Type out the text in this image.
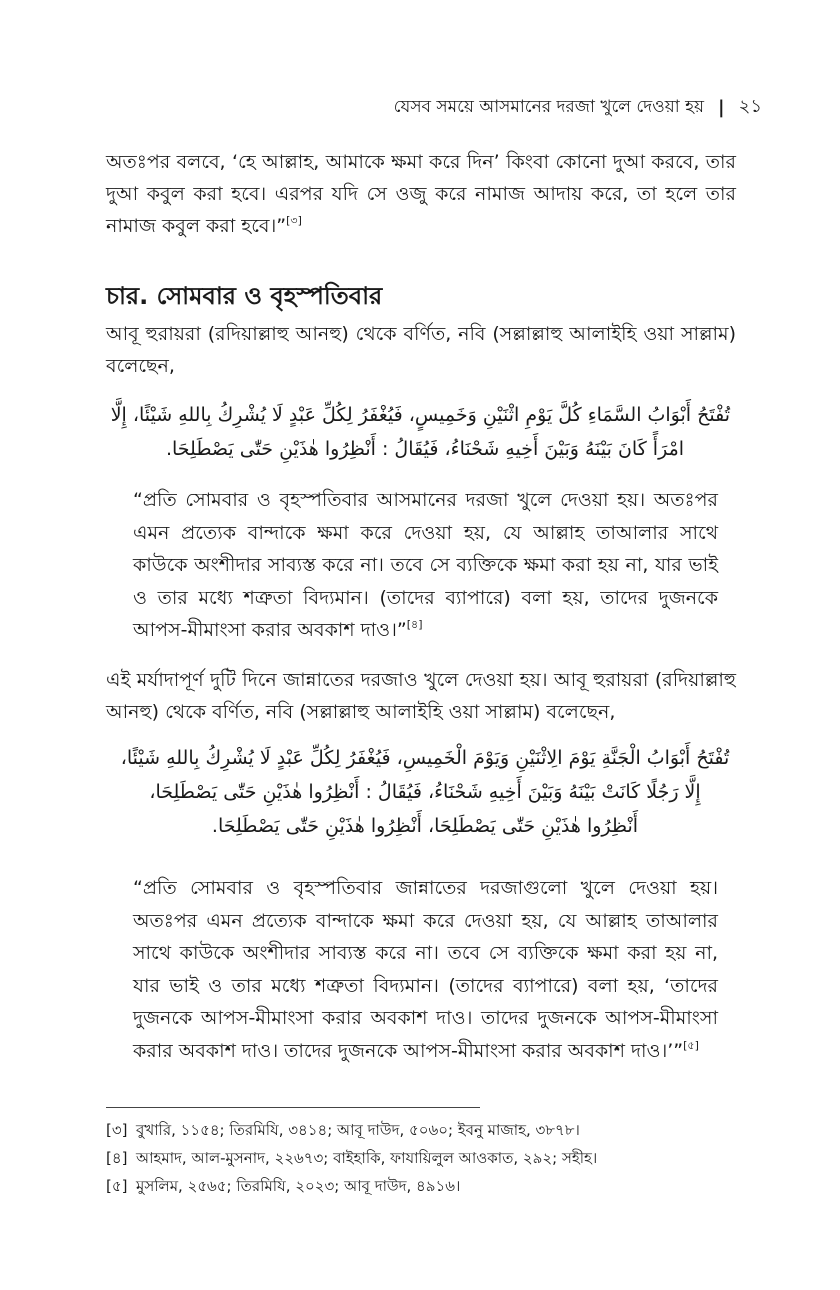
যেসব সময়ে আসমানের দরজা খুলে দেওয়া হয় | ২১

অতঃপর বলবে, ‘হে আল্লাহ, আমাকে ক্ষমা করে দিন’ কিংবা কোনো দুআ করবে, তার দুআ কবুল করা হবে। এরপর যদি সে ওজু করে নামাজ আদায় করে, তা হলে তার নামাজ কবুল করা হবে।”[৩]

চার. সোমবার ও বৃহস্পতিবার

আবূ হুরায়রা (রদিয়াল্লাহু আনহু) থেকে বর্ণিত, নবি (সল্লাল্লাহু আলাইহি ওয়া সাল্লাম) বলেছেন,

تُفْتَحُ أَبْوَابُ السَّمَاءِ كُلَّ يَوْمِ اثْنَيْنِ وَخَمِيسٍ، فَيُغْفَرُ لِكُلِّ عَبْدٍ لَا يُشْرِكُ بِاللهِ شَيْئًا، إِلَّا
امْرَأً كَانَ بَيْنَهُ وَبَيْنَ أَخِيهِ شَحْنَاءُ، فَيُقَالُ : أَنْظِرُوا هٰذَيْنِ حَتّٰى يَصْطَلِحَا.

“প্রতি সোমবার ও বৃহস্পতিবার আসমানের দরজা খুলে দেওয়া হয়। অতঃপর এমন প্রত্যেক বান্দাকে ক্ষমা করে দেওয়া হয়, যে আল্লাহ তাআলার সাথে কাউকে অংশীদার সাব্যস্ত করে না। তবে সে ব্যক্তিকে ক্ষমা করা হয় না, যার ভাই ও তার মধ্যে শত্রুতা বিদ্যমান। (তাদের ব্যাপারে) বলা হয়, তাদের দুজনকে আপস-মীমাংসা করার অবকাশ দাও।”[৪]

এই মর্যাদাপূর্ণ দুটি দিনে জান্নাতের দরজাও খুলে দেওয়া হয়। আবূ হুরায়রা (রদিয়াল্লাহু আনহু) থেকে বর্ণিত, নবি (সল্লাল্লাহু আলাইহি ওয়া সাল্লাম) বলেছেন,

تُفْتَحُ أَبْوَابُ الْجَنَّةِ يَوْمَ الِاثْنَيْنِ وَيَوْمَ الْخَمِيسِ، فَيُغْفَرُ لِكُلِّ عَبْدٍ لَا يُشْرِكُ بِاللهِ شَيْئًا،
إِلَّا رَجُلًا كَانَتْ بَيْنَهُ وَبَيْنَ أَخِيهِ شَحْنَاءُ، فَيُقَالُ : أَنْظِرُوا هٰذَيْنِ حَتّٰى يَصْطَلِحَا،
أَنْظِرُوا هٰذَيْنِ حَتّٰى يَصْطَلِحَا، أَنْظِرُوا هٰذَيْنِ حَتّٰى يَصْطَلِحَا.

“প্রতি সোমবার ও বৃহস্পতিবার জান্নাতের দরজাগুলো খুলে দেওয়া হয়। অতঃপর এমন প্রত্যেক বান্দাকে ক্ষমা করে দেওয়া হয়, যে আল্লাহ তাআলার সাথে কাউকে অংশীদার সাব্যস্ত করে না। তবে সে ব্যক্তিকে ক্ষমা করা হয় না, যার ভাই ও তার মধ্যে শত্রুতা বিদ্যমান। (তাদের ব্যাপারে) বলা হয়, ‘তাদের দুজনকে আপস-মীমাংসা করার অবকাশ দাও। তাদের দুজনকে আপস-মীমাংসা করার অবকাশ দাও। তাদের দুজনকে আপস-মীমাংসা করার অবকাশ দাও।’”[৫]

[৩] বুখারি, ১১৫৪; তিরমিযি, ৩৪১৪; আবূ দাউদ, ৫০৬০; ইবনু মাজাহ, ৩৮৭৮।
[৪] আহমাদ, আল-মুসনাদ, ২২৬৭৩; বাইহাকি, ফাযায়িলুল আওকাত, ২৯২; সহীহ।
[৫] মুসলিম, ২৫৬৫; তিরমিযি, ২০২৩; আবূ দাউদ, ৪৯১৬।
